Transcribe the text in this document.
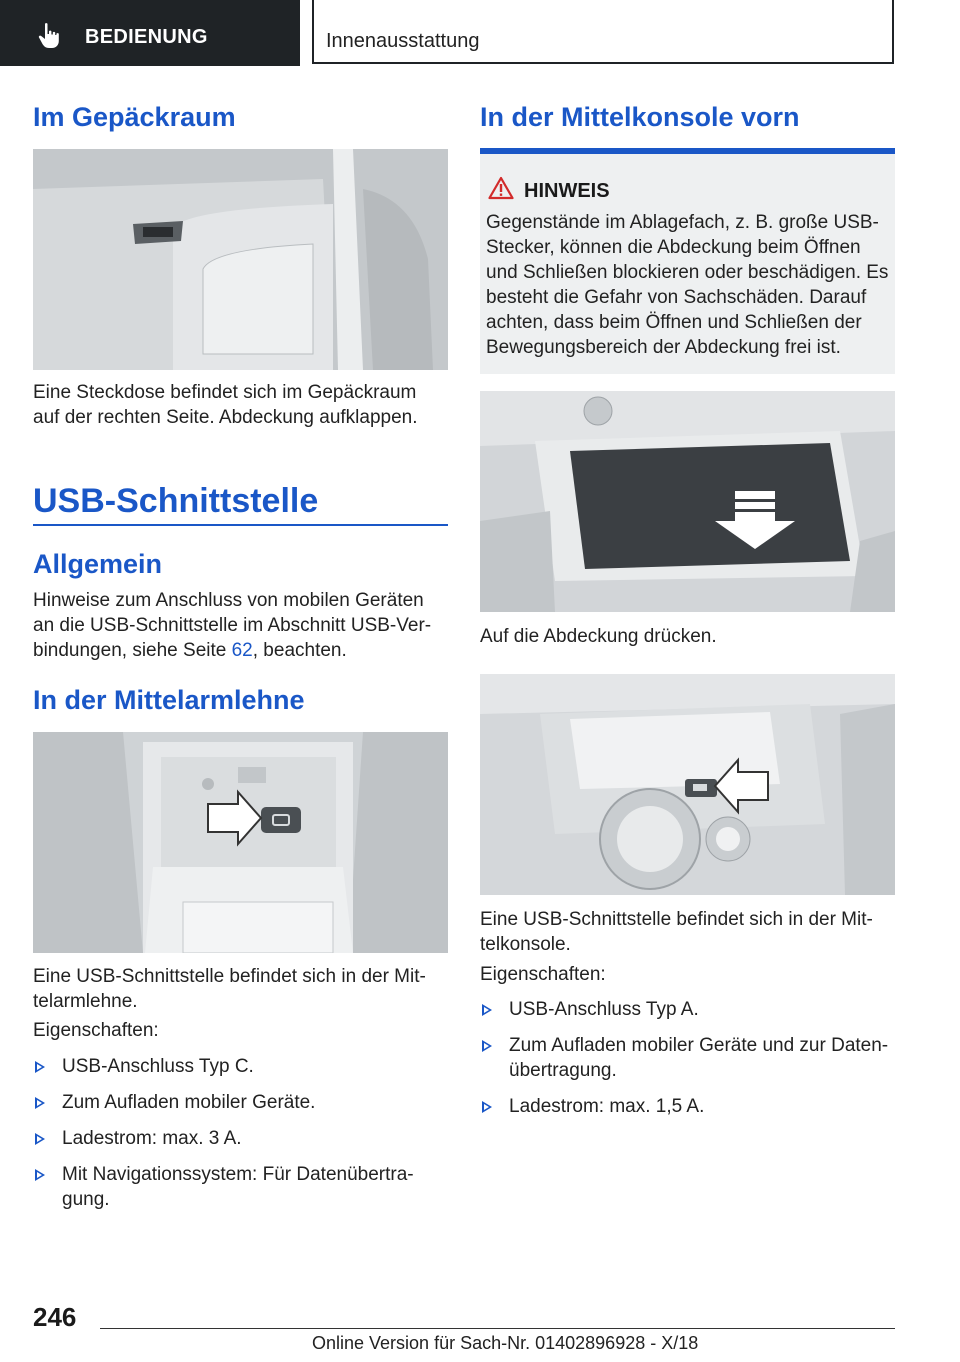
BEDIENUNG	Innenausstattung
Im Gepäckraum

Eine Steckdose befindet sich im Gepäckraum auf der rechten Seite. Abdeckung aufklappen.

USB-Schnittstelle
Allgemein

Hinweise zum Anschluss von mobilen Geräten an die USB-Schnittstelle im Abschnitt USB-Ver‐ bindungen, siehe Seite 62, beachten.

In der Mittelarmlehne

Eine USB-Schnittstelle befindet sich in der Mit‐ telarmlehne.

Eigenschaften:

USB-Anschluss Typ C.
Zum Aufladen mobiler Geräte.
Ladestrom: max. 3 A.
Mit Navigationssystem: Für Datenübertra‐ gung.
In der Mittelkonsole vorn
HINWEIS
Gegenstände im Ablagefach, z. B. große USB-Stecker, können die Abdeckung beim Öffnen und Schließen blockieren oder beschädigen. Es besteht die Gefahr von Sachschäden. Darauf achten, dass beim Öffnen und Schließen der Bewegungsbereich der Abdeckung frei ist.

Auf die Abdeckung drücken.

Eine USB-Schnittstelle befindet sich in der Mit‐ telkonsole.

Eigenschaften:

USB-Anschluss Typ A.
Zum Aufladen mobiler Geräte und zur Daten‐ übertragung.
Ladestrom: max. 1,5 A.
246
Online Version für Sach-Nr. 01402896928 - X/18
